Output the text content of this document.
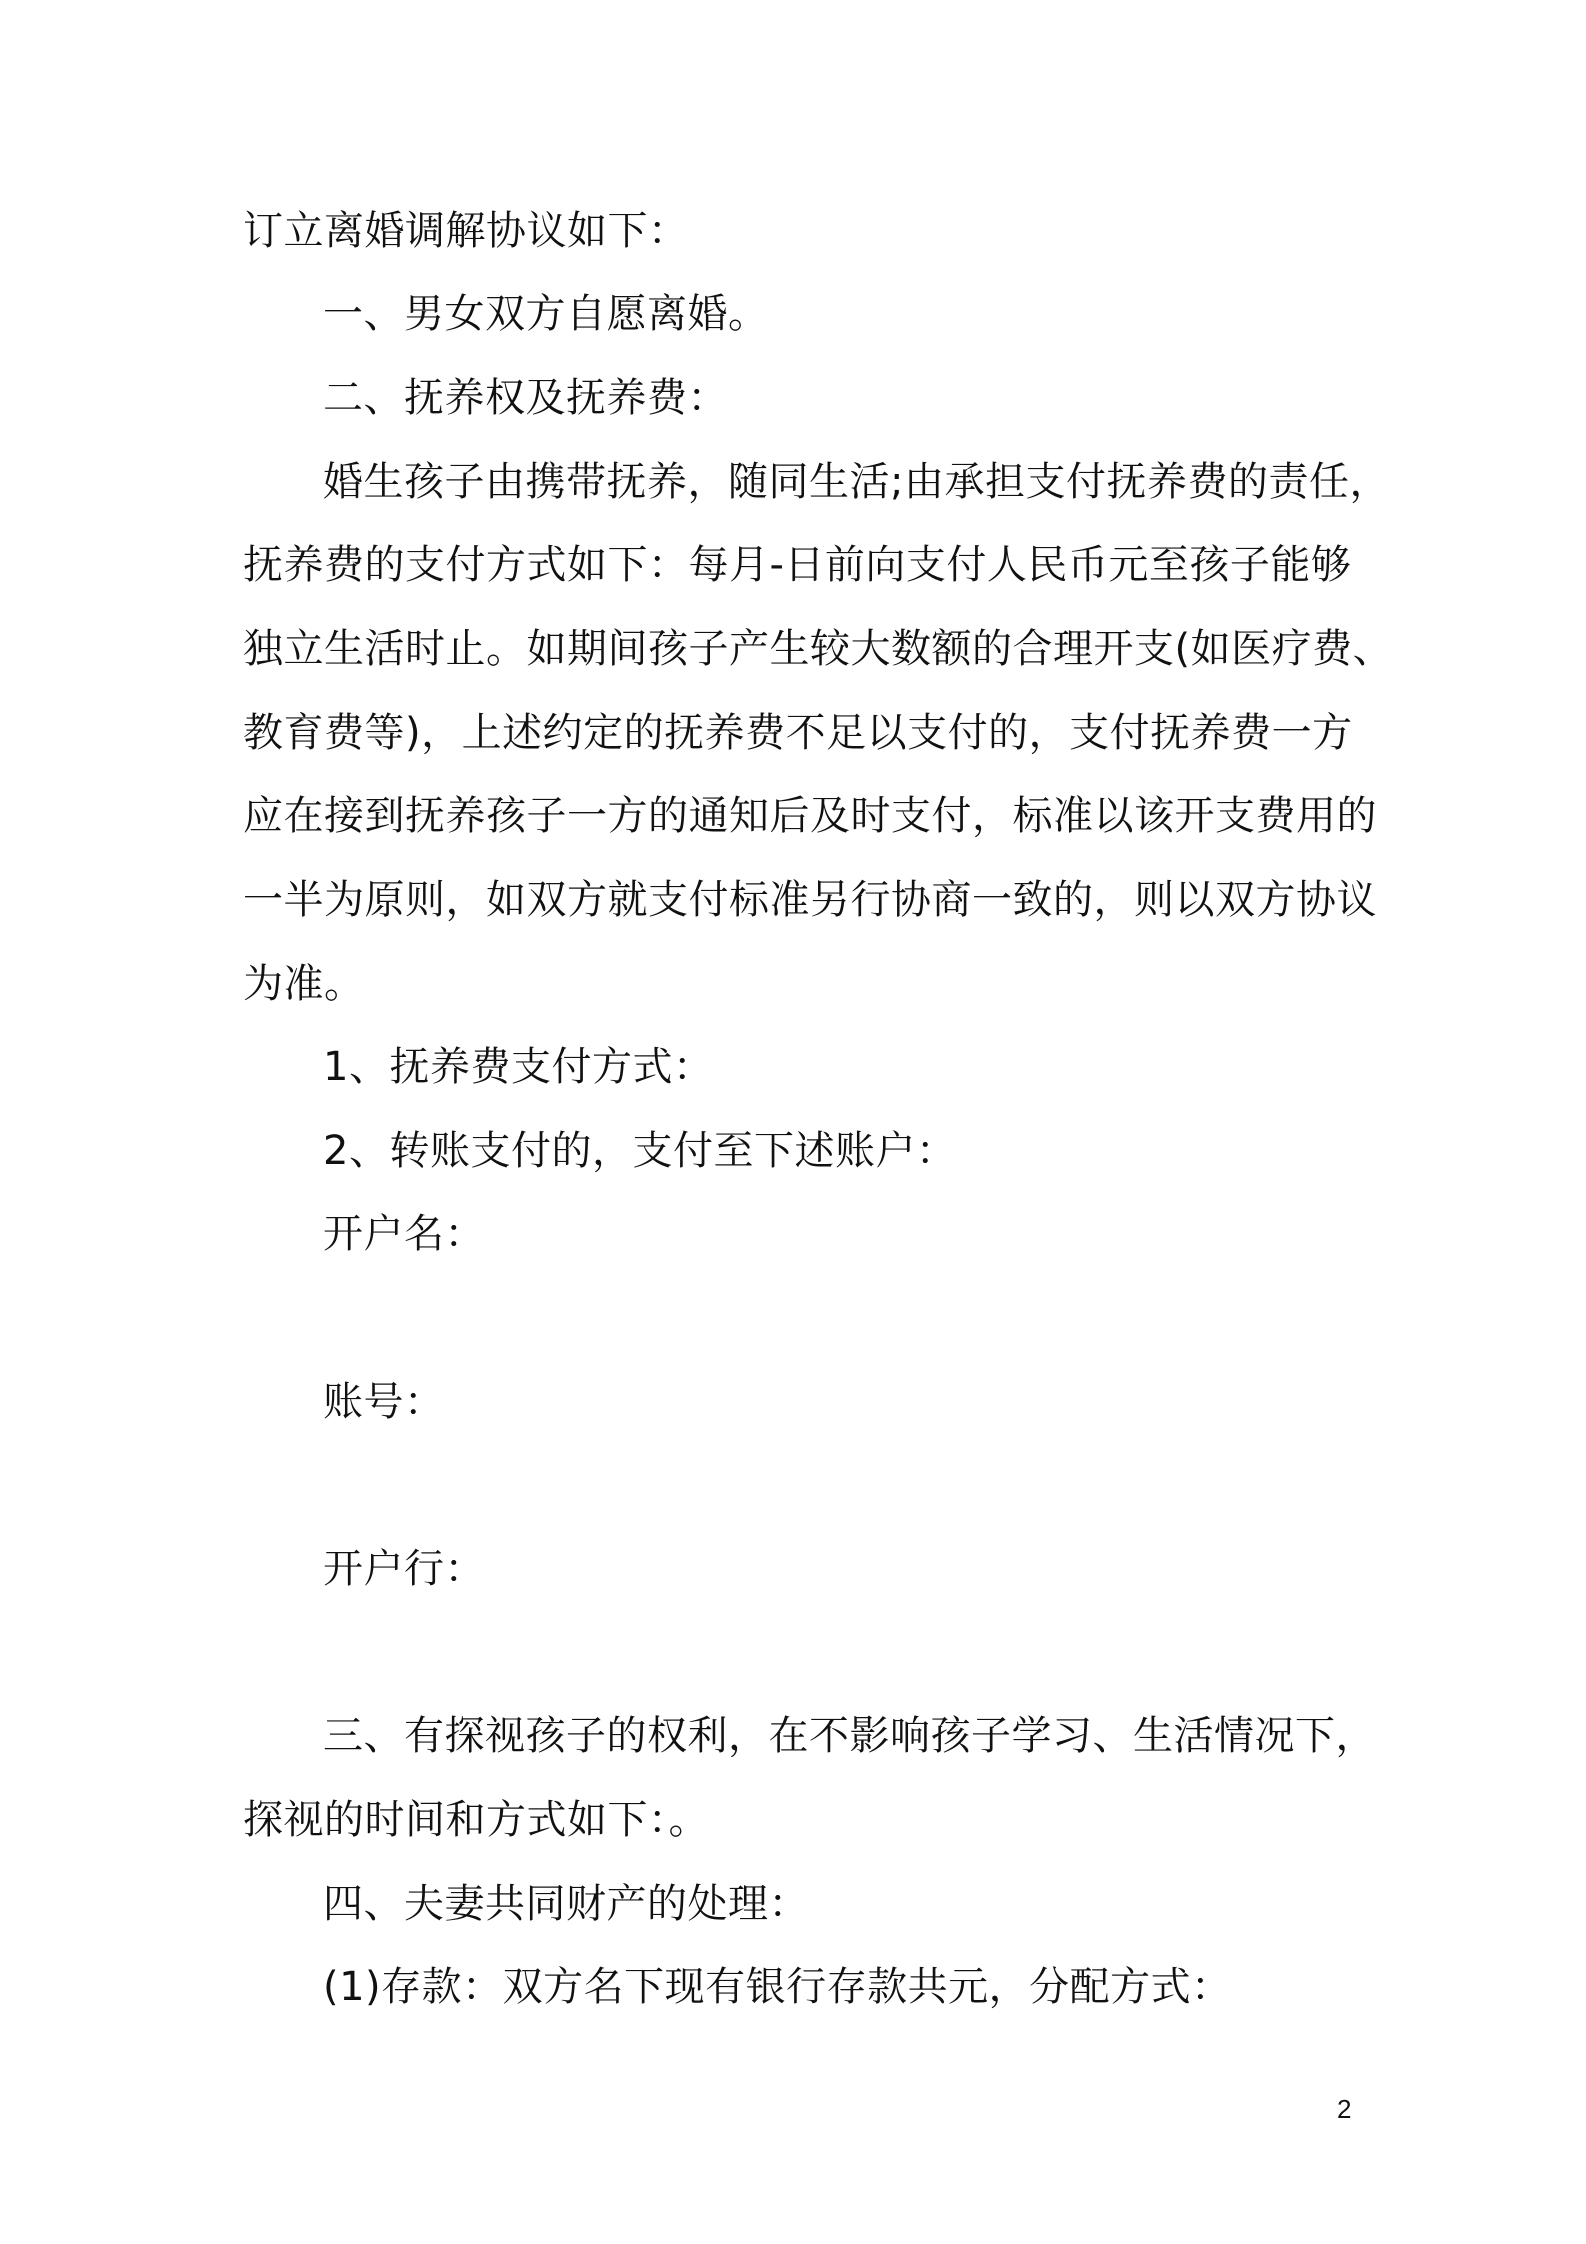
订立离婚调解协议如下：
一、男女双方自愿离婚。
二、抚养权及抚养费：
婚生孩子由携带抚养，随同生活;由承担支付抚养费的责任，
抚养费的支付方式如下：每月-日前向支付人民币元至孩子能够
独立生活时止。如期间孩子产生较大数额的合理开支(如医疗费、
教育费等)，上述约定的抚养费不足以支付的，支付抚养费一方
应在接到抚养孩子一方的通知后及时支付，标准以该开支费用的
一半为原则，如双方就支付标准另行协商一致的，则以双方协议
为准。
1、抚养费支付方式：
2、转账支付的，支付至下述账户：
开户名：
账号：
开户行：
三、有探视孩子的权利，在不影响孩子学习、生活情况下，
探视的时间和方式如下：。
四、夫妻共同财产的处理：
(1)存款：双方名下现有银行存款共元，分配方式：
2
